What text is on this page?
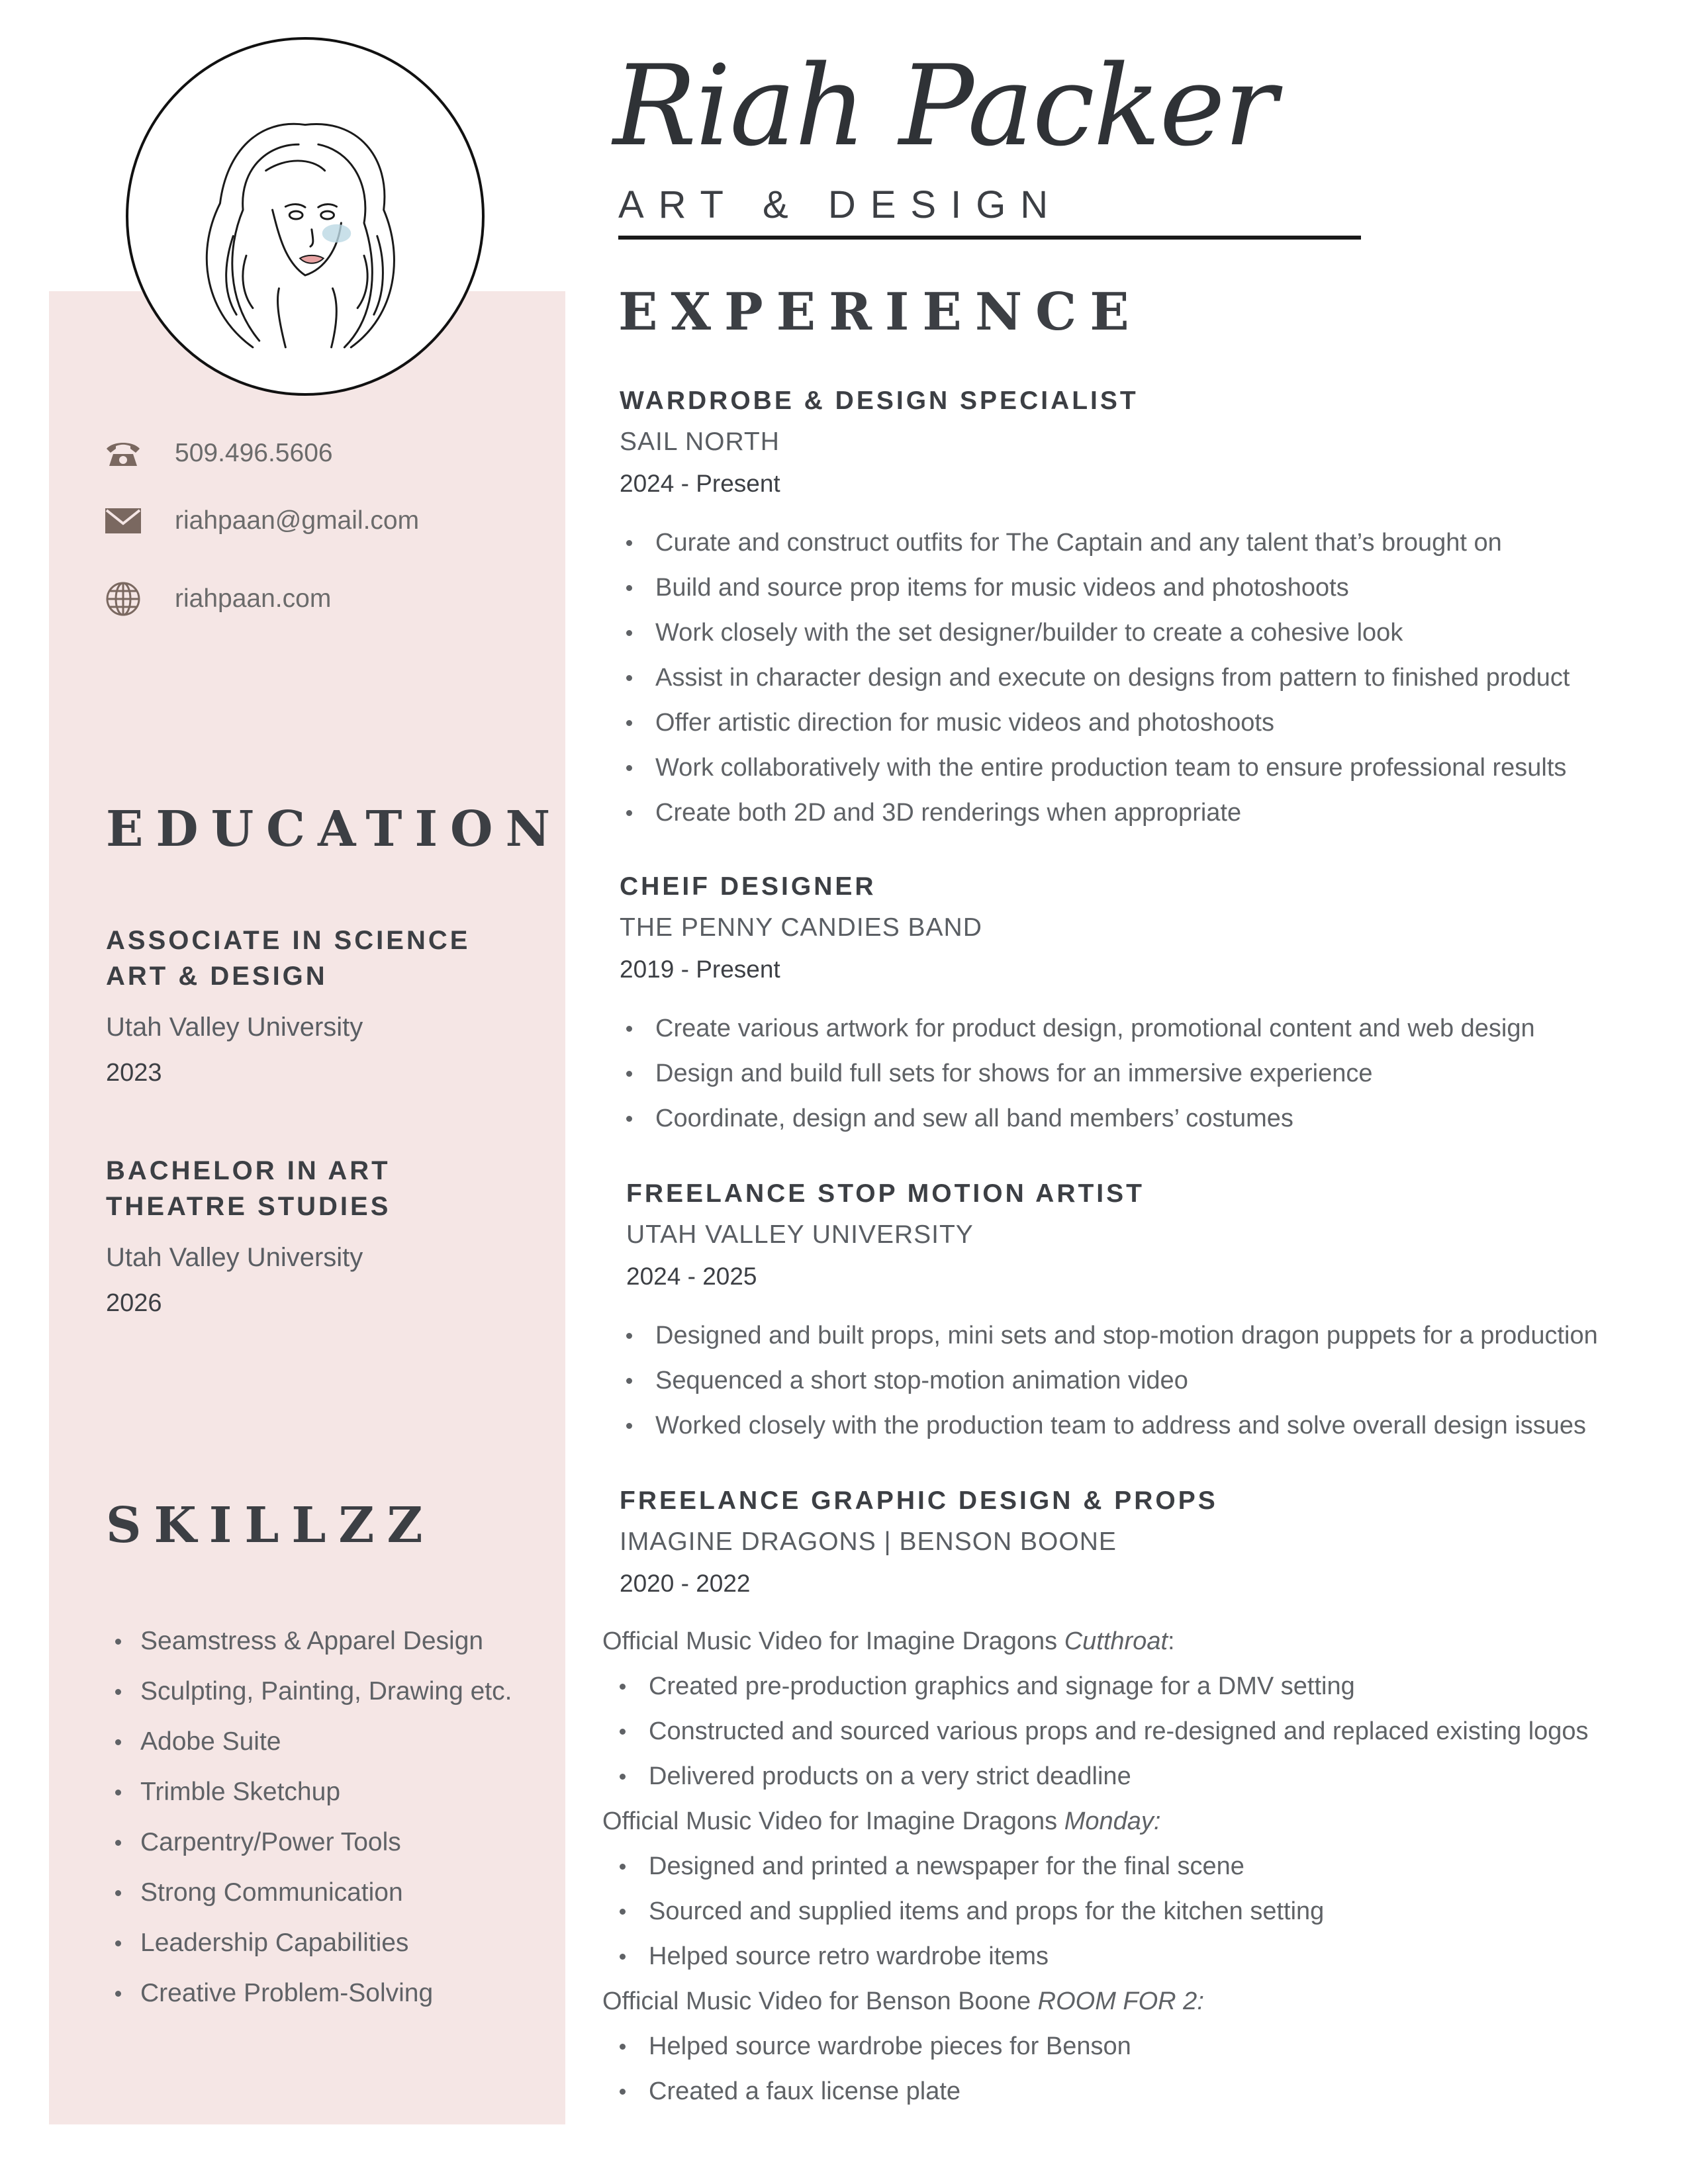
509.496.5606
riahpaan@gmail.com
riahpaan.com
EDUCATION
ASSOCIATE IN SCIENCE
ART & DESIGN
Utah Valley University
2023
BACHELOR IN ART
THEATRE STUDIES
Utah Valley University
2026
SKILLZZ
Seamstress & Apparel Design
Sculpting, Painting, Drawing etc.
Adobe Suite
Trimble Sketchup
Carpentry/Power Tools
Strong Communication
Leadership Capabilities
Creative Problem-Solving
Riah Packer
ART & DESIGN
EXPERIENCE
WARDROBE & DESIGN SPECIALIST
SAIL NORTH
2024 - Present
Curate and construct outfits for The Captain and any talent that’s brought on
Build and source prop items for music videos and photoshoots
Work closely with the set designer/builder to create a cohesive look
Assist in character design and execute on designs from pattern to finished product
Offer artistic direction for music videos and photoshoots
Work collaboratively with the entire production team to ensure professional results
Create both 2D and 3D renderings when appropriate
CHEIF DESIGNER
THE PENNY CANDIES BAND
2019 - Present
Create various artwork for product design, promotional content and web design
Design and build full sets for shows for an immersive experience
Coordinate, design and sew all band members’ costumes
FREELANCE STOP MOTION ARTIST
UTAH VALLEY UNIVERSITY
2024 - 2025
Designed and built props, mini sets and stop-motion dragon puppets for a production
Sequenced a short stop-motion animation video
Worked closely with the production team to address and solve overall design issues
FREELANCE GRAPHIC DESIGN & PROPS
IMAGINE DRAGONS | BENSON BOONE
2020 - 2022
Official Music Video for Imagine Dragons Cutthroat:
Created pre-production graphics and signage for a DMV setting
Constructed and sourced various props and re-designed and replaced existing logos
Delivered products on a very strict deadline
Official Music Video for Imagine Dragons Monday:
Designed and printed a newspaper for the final scene
Sourced and supplied items and props for the kitchen setting
Helped source retro wardrobe items
Official Music Video for Benson Boone ROOM FOR 2:
Helped source wardrobe pieces for Benson
Created a faux license plate
